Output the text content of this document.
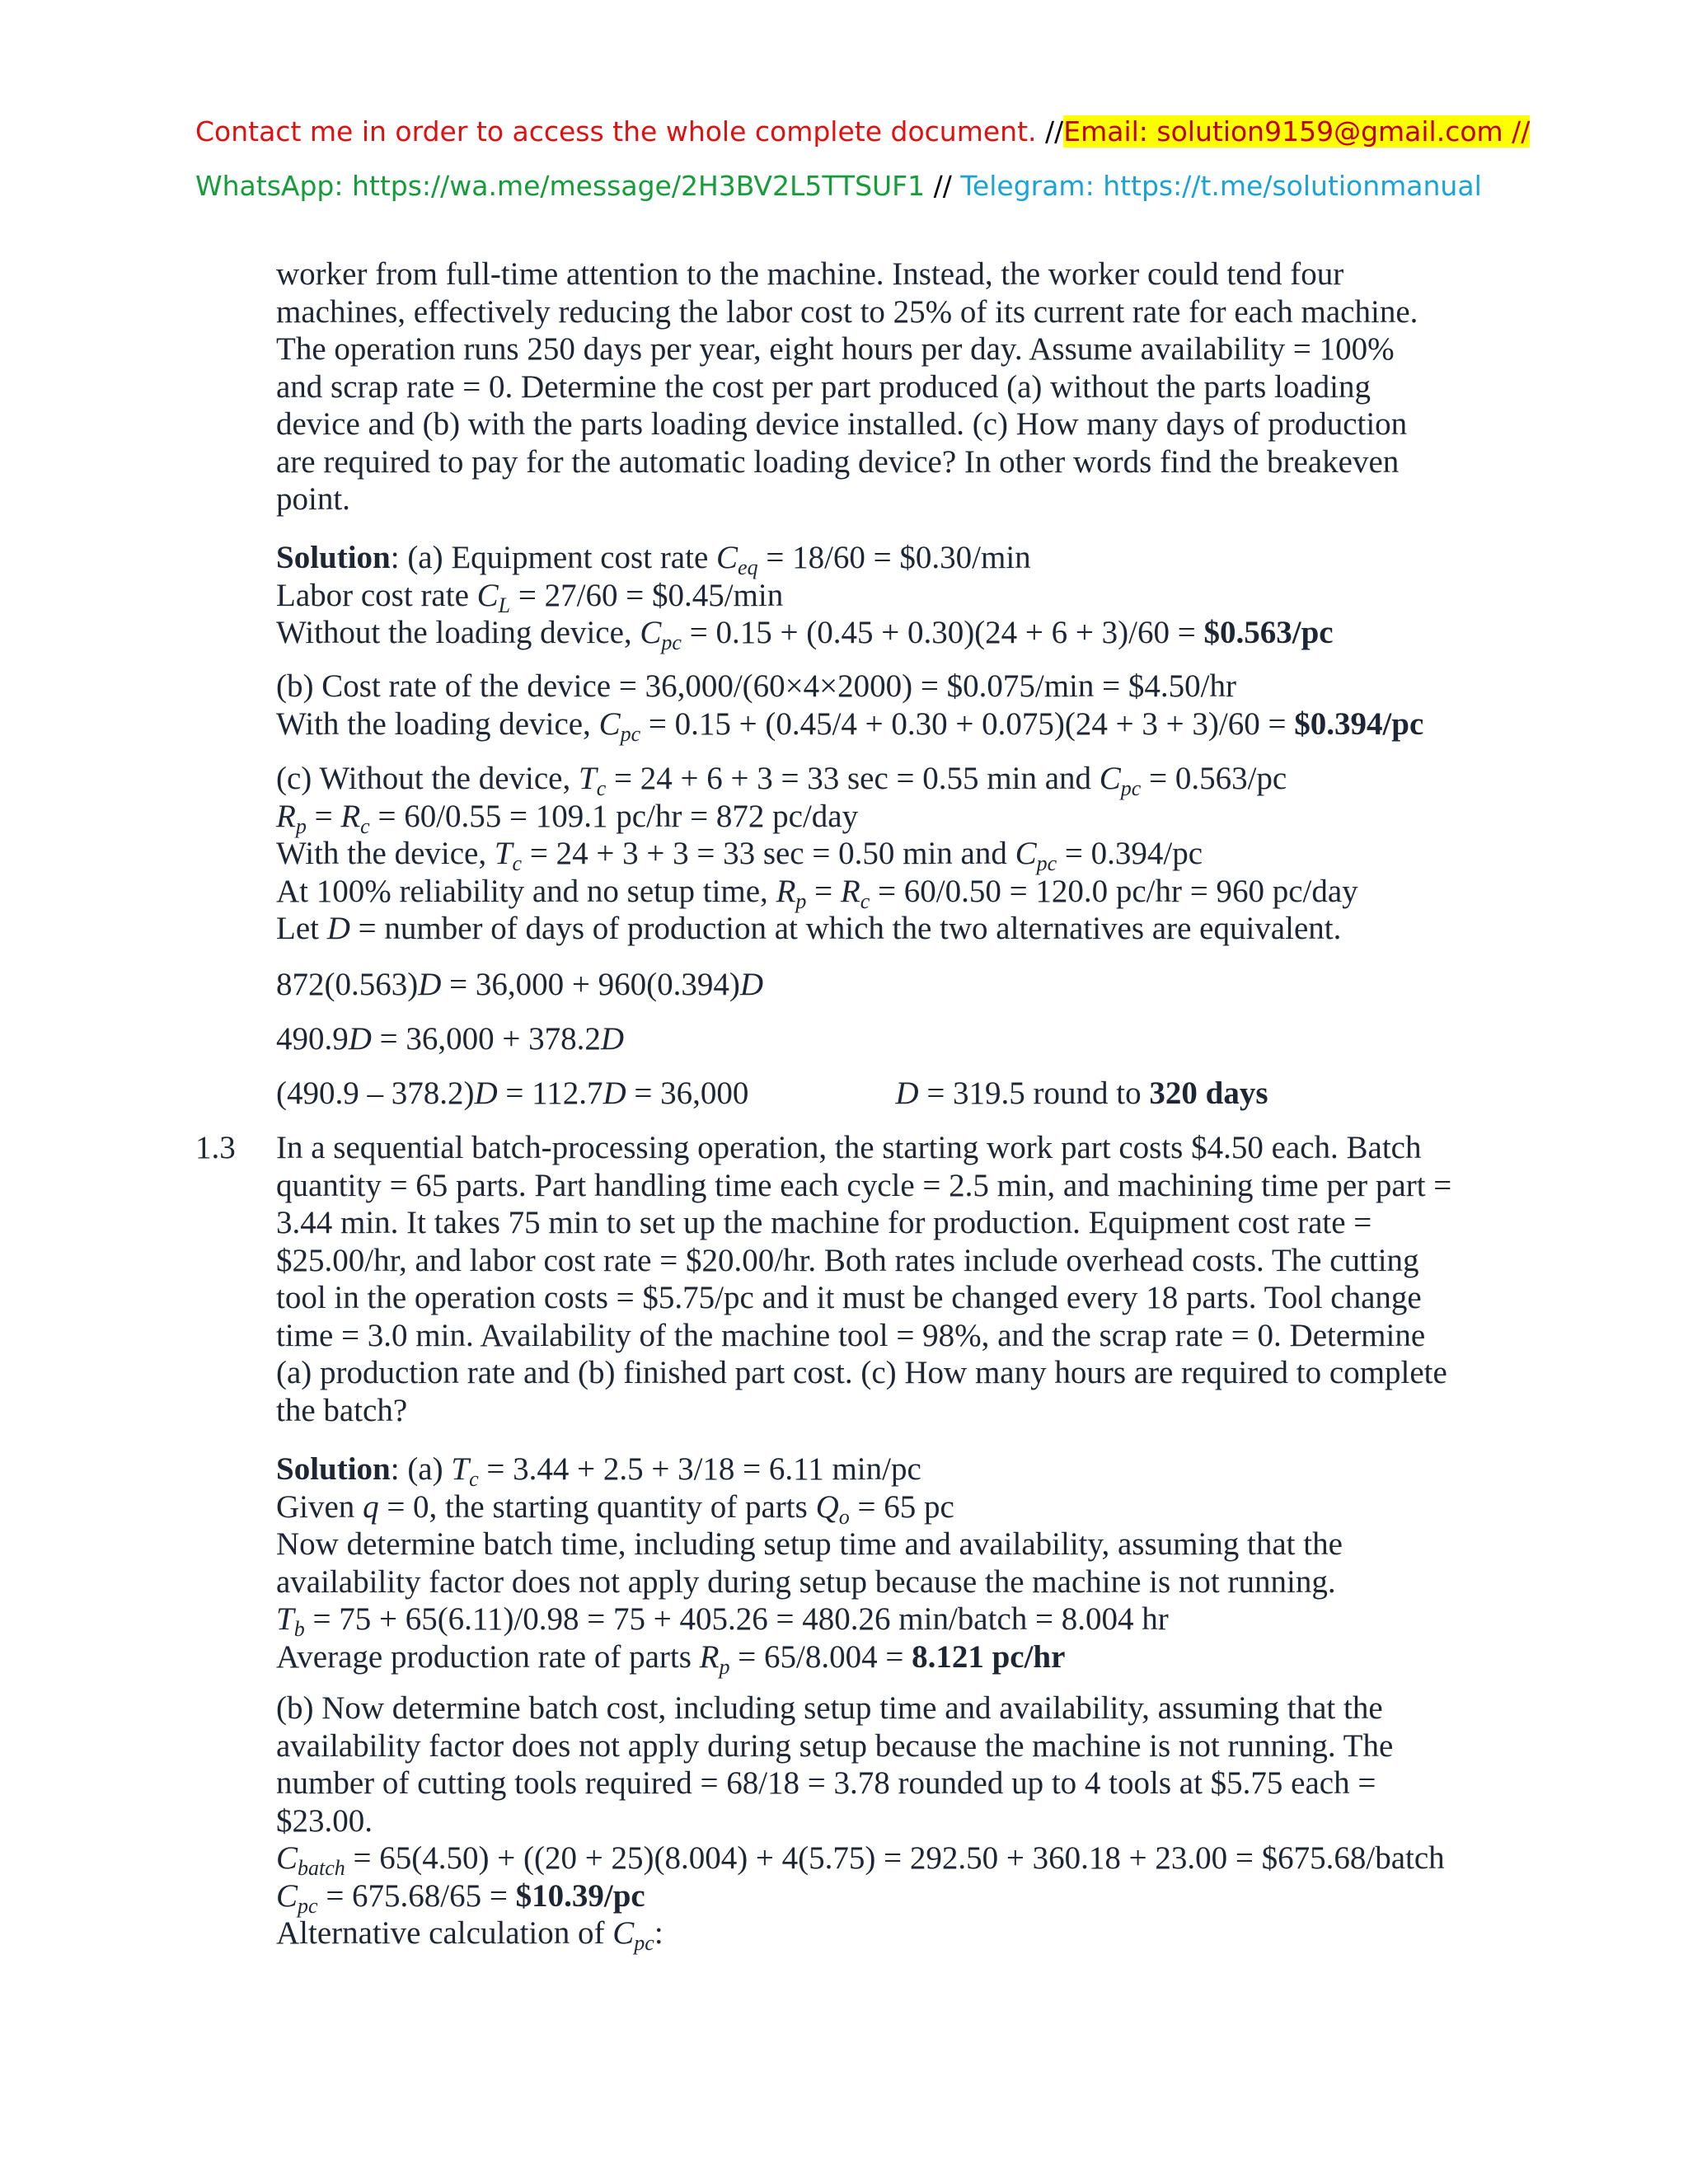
Contact me in order to access the whole complete document. //Email: solution9159@gmail.com //
WhatsApp: https://wa.me/message/2H3BV2L5TTSUF1 // Telegram: https://t.me/solutionmanual
worker from full-time attention to the machine. Instead, the worker could tend four
machines, effectively reducing the labor cost to 25% of its current rate for each machine.
The operation runs 250 days per year, eight hours per day. Assume availability = 100%
and scrap rate = 0. Determine the cost per part produced (a) without the parts loading
device and (b) with the parts loading device installed. (c) How many days of production
are required to pay for the automatic loading device? In other words find the breakeven
point.
Solution: (a) Equipment cost rate $C_{eq} = 18/60$ = $0.30/min
Labor cost rate $C_L = 27/60$ = $0.45/min
Without the loading device, $C_{pc} = 0.15 + (0.45 + 0.30)(24 + 6 + 3)/60$ = $0.563/pc
(b) Cost rate of the device = 36,000/(60×4×2000) = $0.075/min = $4.50/hr
With the loading device, $C_{pc} = 0.15 + (0.45/4 + 0.30 + 0.075)(24 + 3 + 3)/60$ = $0.394/pc
(c) Without the device, $T_c = 24 + 6 + 3 = 33$ sec = 0.55 min and $C_{pc} = 0.563/pc$
$R_p = R_c = 60/0.55 = 109.1$ pc/hr = 872 pc/day
With the device, $T_c = 24 + 3 + 3 = 33$ sec = 0.50 min and $C_{pc} = 0.394/pc$
At 100% reliability and no setup time, $R_p = R_c = 60/0.50 = 120.0$ pc/hr = 960 pc/day
Let D = number of days of production at which the two alternatives are equivalent.
872(0.563)D = 36,000 + 960(0.394)D
490.9D = 36,000 + 378.2D
(490.9 – 378.2)D = 112.7D = 36,000	D = 319.5 round to 320 days
1.3 In a sequential batch-processing operation, the starting work part costs $4.50 each. Batch
quantity = 65 parts. Part handling time each cycle = 2.5 min, and machining time per part =
3.44 min. It takes 75 min to set up the machine for production. Equipment cost rate =
$25.00/hr, and labor cost rate = $20.00/hr. Both rates include overhead costs. The cutting
tool in the operation costs = $5.75/pc and it must be changed every 18 parts. Tool change
time = 3.0 min. Availability of the machine tool = 98%, and the scrap rate = 0. Determine
(a) production rate and (b) finished part cost. (c) How many hours are required to complete
the batch?
Solution: (a) $T_c = 3.44 + 2.5 + 3/18 = 6.11$ min/pc
Given q = 0, the starting quantity of parts $Q_o = 65$ pc
Now determine batch time, including setup time and availability, assuming that the
availability factor does not apply during setup because the machine is not running.
$T_b = 75 + 65(6.11)/0.98 = 75 + 405.26 = 480.26$ min/batch = 8.004 hr
Average production rate of parts $R_p = 65/8.004 = 8.121$ pc/hr
(b) Now determine batch cost, including setup time and availability, assuming that the
availability factor does not apply during setup because the machine is not running. The
number of cutting tools required = 68/18 = 3.78 rounded up to 4 tools at $5.75 each =
$23.00.
$C_{batch} = 65(4.50) + ((20 + 25)(8.004) + 4(5.75) = 292.50 + 360.18 + 23.00$ = $675.68/batch
$C_{pc} = 675.68/65$ = $10.39/pc
Alternative calculation of $C_{pc}$:
